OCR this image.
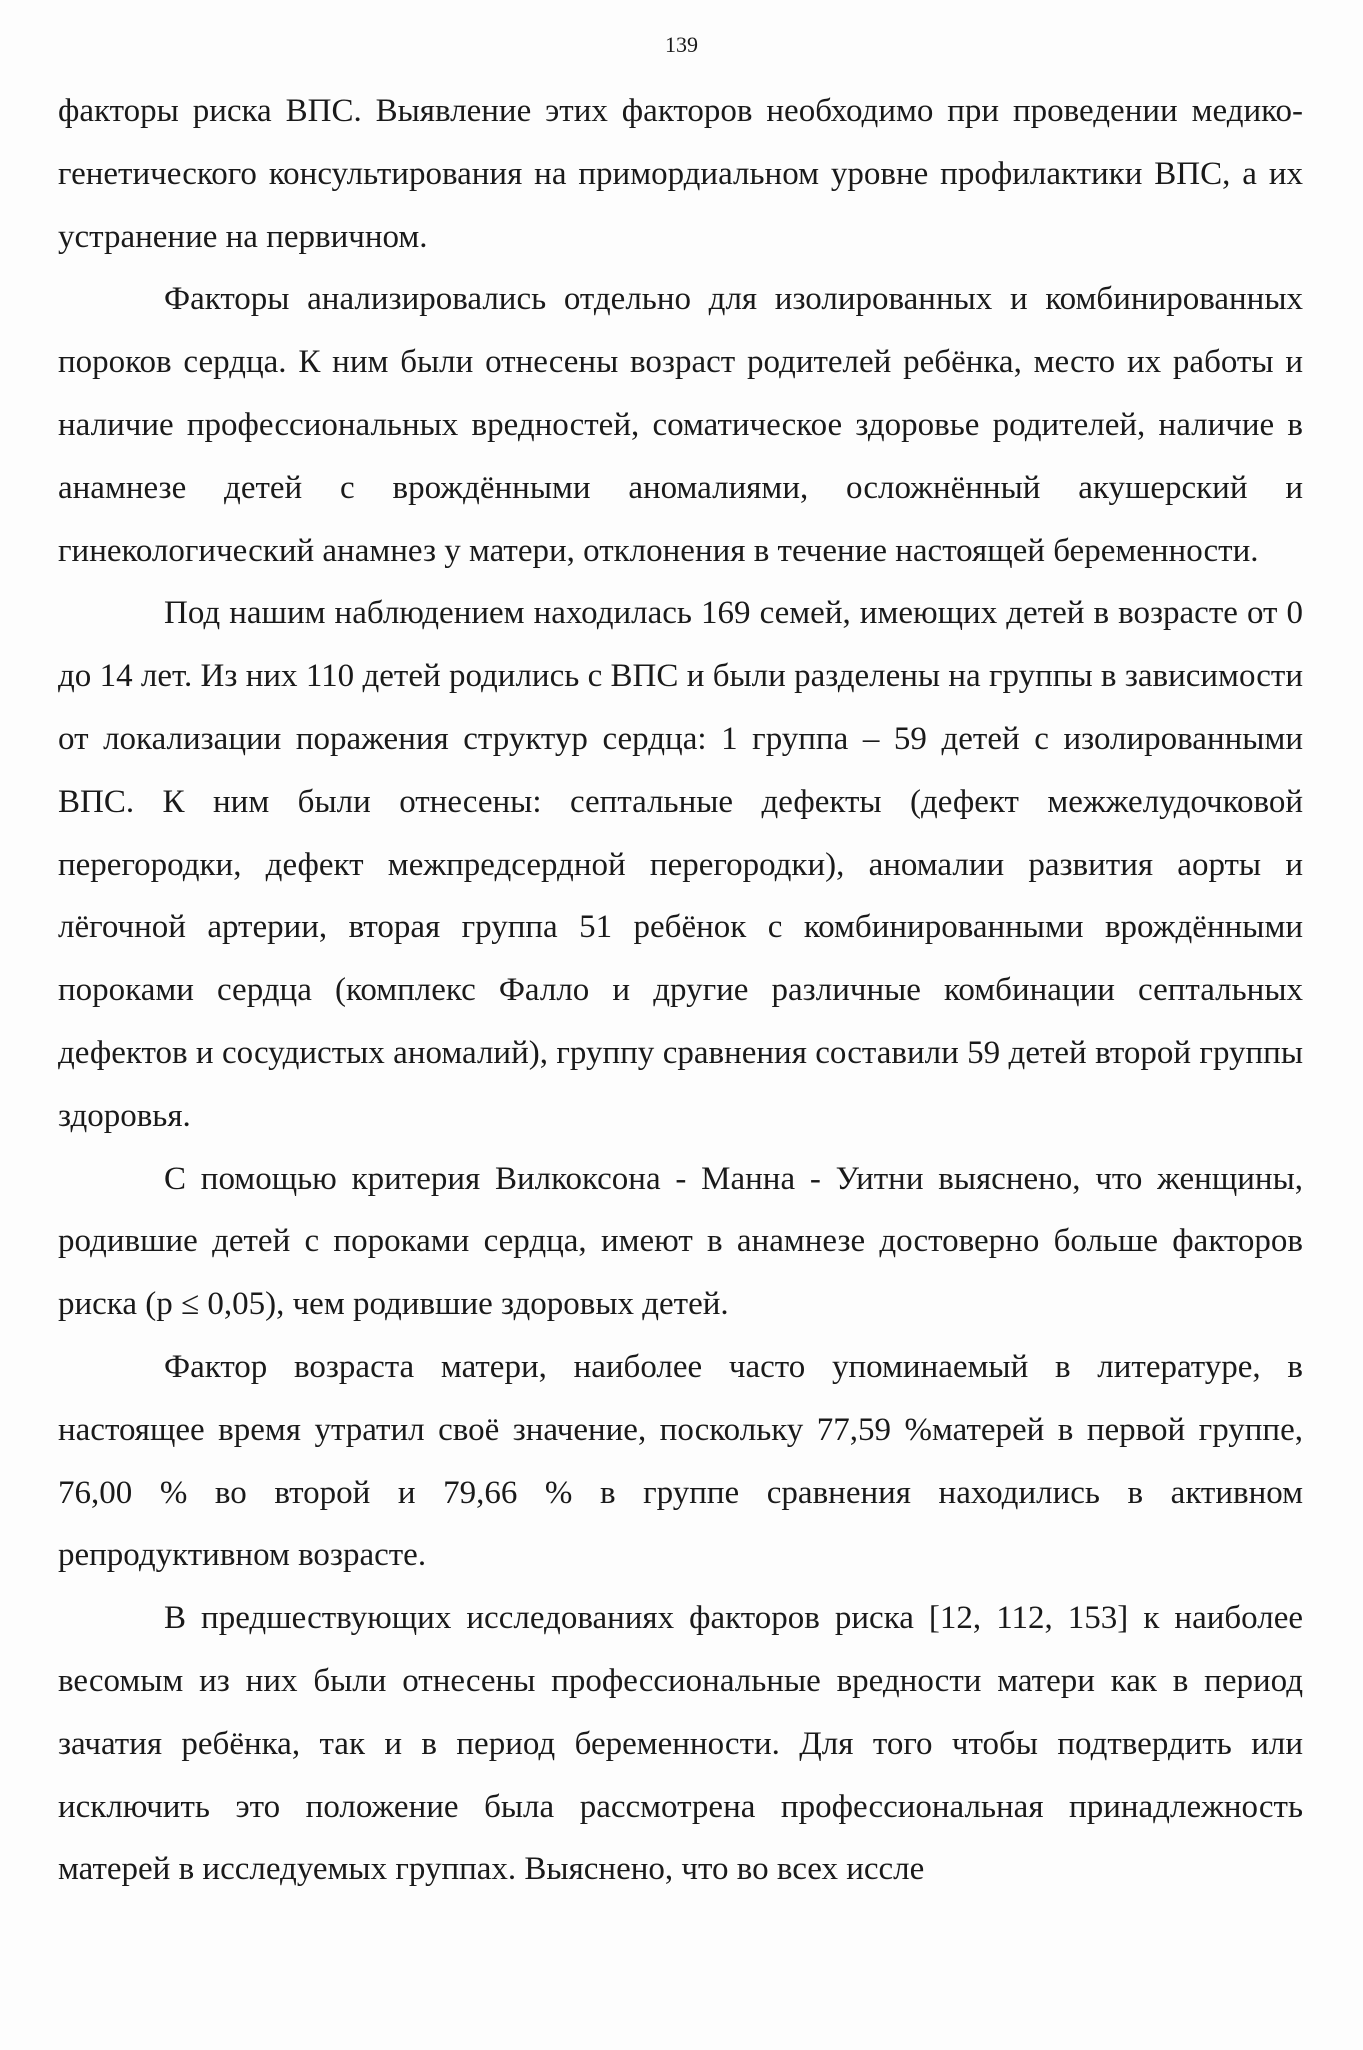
139

факторы риска ВПС. Выявление этих факторов необходимо при проведении медико-генетического консультирования на примордиальном уровне профилактики ВПС, а их устранение на первичном.

Факторы анализировались отдельно для изолированных и комбинированных пороков сердца. К ним были отнесены возраст родителей ребёнка, место их работы и наличие профессиональных вредностей, соматическое здоровье родителей, наличие в анамнезе детей с врождёнными аномалиями, осложнённый акушерский и гинекологический анамнез у матери, отклонения в течение настоящей беременности.

Под нашим наблюдением находилась 169 семей, имеющих детей в возрасте от 0 до 14 лет. Из них 110 детей родились с ВПС и были разделены на группы в зависимости от локализации поражения структур сердца: 1 группа – 59 детей с изолированными ВПС. К ним были отнесены: септальные дефекты (дефект межжелудочковой перегородки, дефект межпредсердной перегородки), аномалии развития аорты и лёгочной артерии, вторая группа 51 ребёнок с комбинированными врождёнными пороками сердца (комплекс Фалло и другие различные комбинации септальных дефектов и сосудистых аномалий), группу сравнения составили 59 детей второй группы здоровья.

С помощью критерия Вилкоксона - Манна - Уитни выяснено, что женщины, родившие детей с пороками сердца, имеют в анамнезе достоверно больше факторов риска (p ≤ 0,05), чем родившие здоровых детей.

Фактор возраста матери, наиболее часто упоминаемый в литературе, в настоящее время утратил своё значение, поскольку 77,59 %матерей в первой группе, 76,00 % во второй и 79,66 % в группе сравнения находились в активном репродуктивном возрасте.

В предшествующих исследованиях факторов риска [12, 112, 153] к наиболее весомым из них были отнесены профессиональные вредности матери как в период зачатия ребёнка, так и в период беременности. Для того чтобы подтвердить или исключить это положение была рассмотрена профессиональная принадлежность матерей в исследуемых группах. Выяснено, что во всех иссле
